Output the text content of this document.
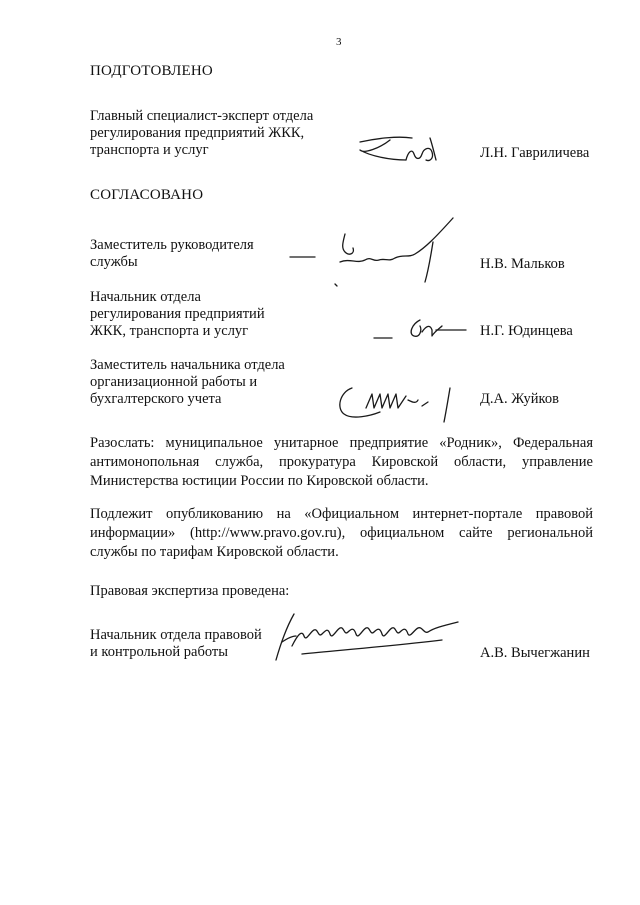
3
ПОДГОТОВЛЕНО
Главный специалист-эксперт отдела
регулирования предприятий ЖКК,
транспорта и услуг	Л.Н. Гавриличева
СОГЛАСОВАНО
Заместитель руководителя
службы	Н.В. Мальков
Начальник отдела
регулирования предприятий
ЖКК, транспорта и услуг	Н.Г. Юдинцева
Заместитель начальника отдела
организационной работы и
бухгалтерского учета	Д.А. Жуйков
Разослать: муниципальное унитарное предприятие «Родник», Федеральная антимонопольная служба, прокуратура Кировской области, управление Министерства юстиции России по Кировской области.
Подлежит опубликованию на «Официальном интернет-портале правовой информации» (http://www.pravo.gov.ru), официальном сайте региональной службы по тарифам Кировской области.
Правовая экспертиза проведена:
Начальник отдела правовой
и контрольной работы	А.В. Вычегжанин
